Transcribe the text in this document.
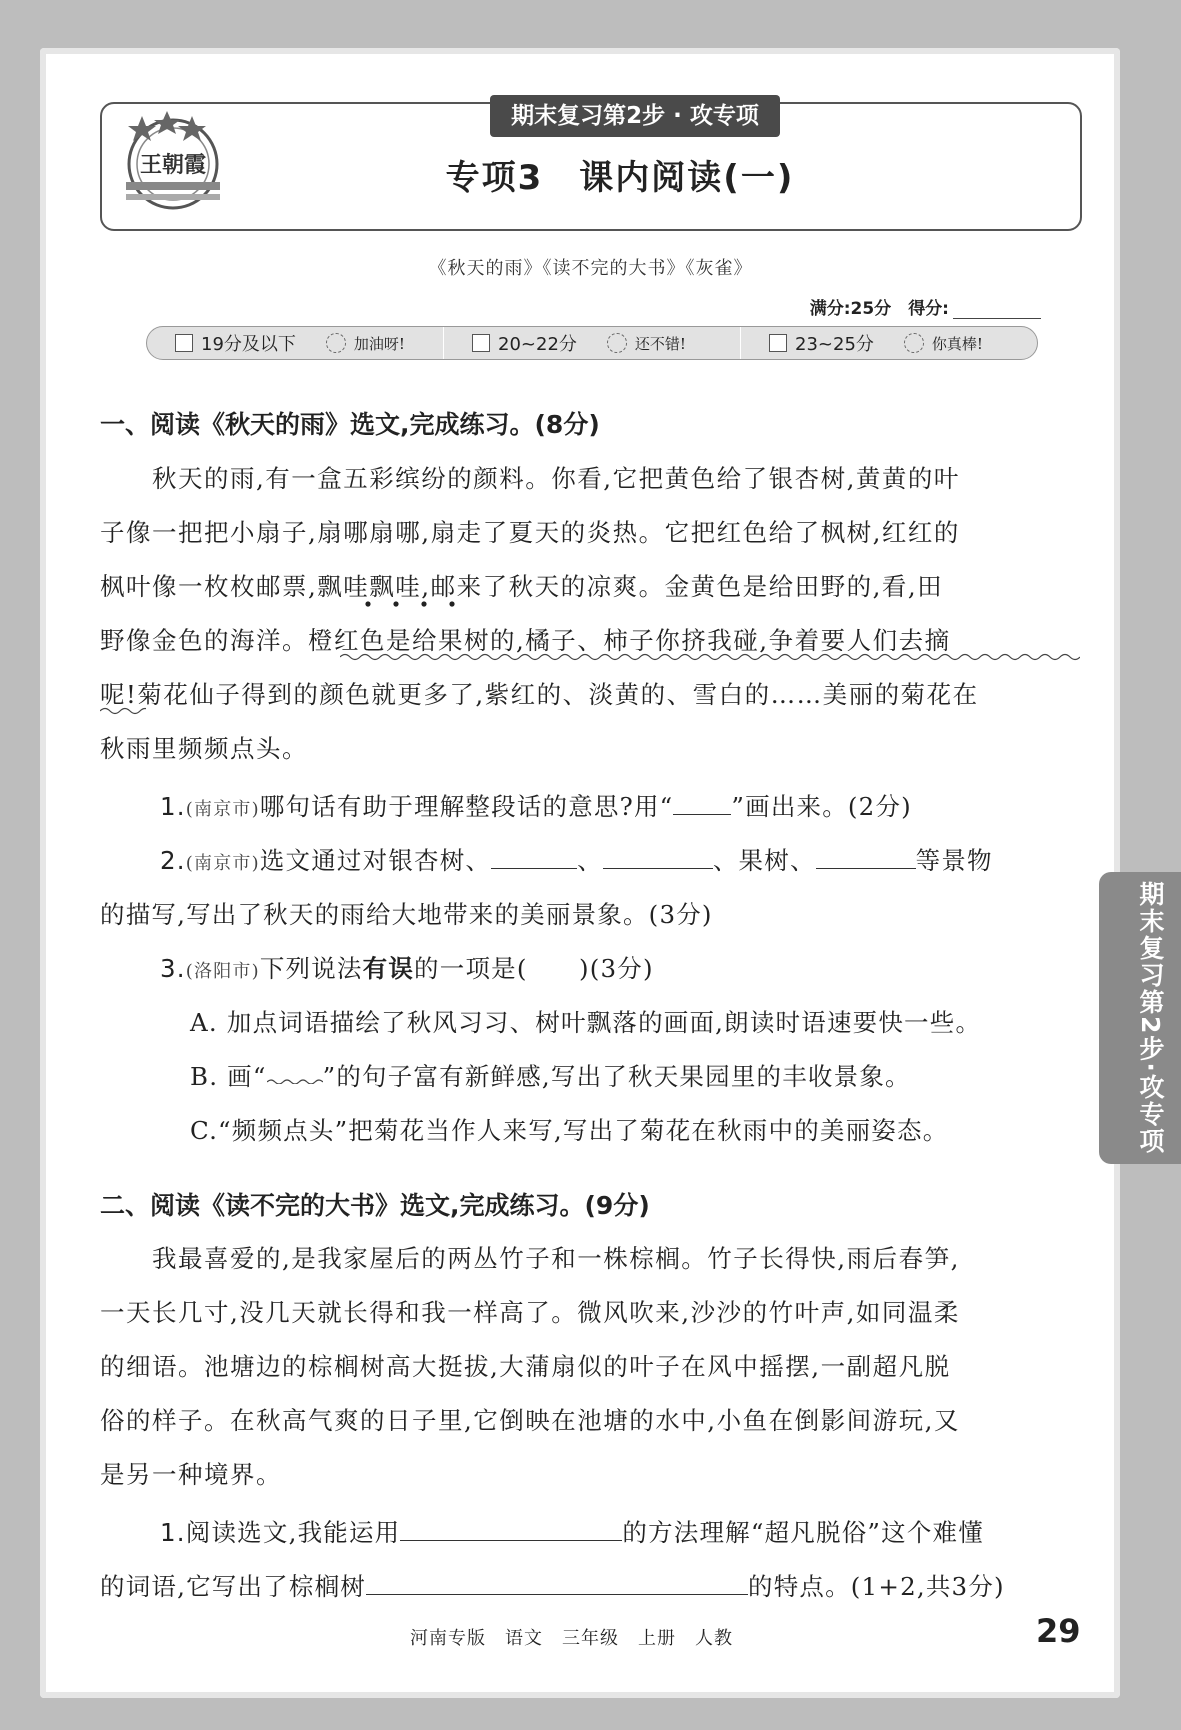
王朝霞
期末复习第2步 · 攻专项
专项3　课内阅读(一)
《秋天的雨》《读不完的大书》《灰雀》
满分:25分　 得分:
19分及以下	加油呀!	20~22分	还不错!	23~25分	你真棒!
一、阅读《秋天的雨》选文,完成练习。(8分)
　　秋天的雨,有一盒五彩缤纷的颜料。你看,它把黄色给了银杏树,黄黄的叶
子像一把把小扇子,扇哪扇哪,扇走了夏天的炎热。它把红色给了枫树,红红的
枫叶像一枚枚邮票,飘哇飘哇,邮来了秋天的凉爽。金黄色是给田野的,看,田
野像金色的海洋。橙红色是给果树的,橘子、柿子你挤我碰,争着要人们去摘
呢!菊花仙子得到的颜色就更多了,紫红的、淡黄的、雪白的……美丽的菊花在
秋雨里频频点头。
1.(南京市)哪句话有助于理解整段话的意思?用“ ”画出来。(2分)
2.(南京市)选文通过对银杏树、	、	、果树、	等景物
的描写,写出了秋天的雨给大地带来的美丽景象。(3分)
3.(洛阳市)下列说法有误的一项是(　　)(3分)
A. 加点词语描绘了秋风习习、树叶飘落的画面,朗读时语速要快一些。
B. 画“ ”的句子富有新鲜感,写出了秋天果园里的丰收景象。
C.“频频点头”把菊花当作人来写,写出了菊花在秋雨中的美丽姿态。
二、阅读《读不完的大书》选文,完成练习。(9分)
　　我最喜爱的,是我家屋后的两丛竹子和一株棕榈。竹子长得快,雨后春笋,
一天长几寸,没几天就长得和我一样高了。微风吹来,沙沙的竹叶声,如同温柔
的细语。池塘边的棕榈树高大挺拔,大蒲扇似的叶子在风中摇摆,一副超凡脱
俗的样子。在秋高气爽的日子里,它倒映在池塘的水中,小鱼在倒影间游玩,又
是另一种境界。
1.阅读选文,我能运用	的方法理解“超凡脱俗”这个难懂
的词语,它写出了棕榈树	的特点。(1+2,共3分)
期末复习第2步·攻专项
河南专版　语文　三年级　上册　人教	29
